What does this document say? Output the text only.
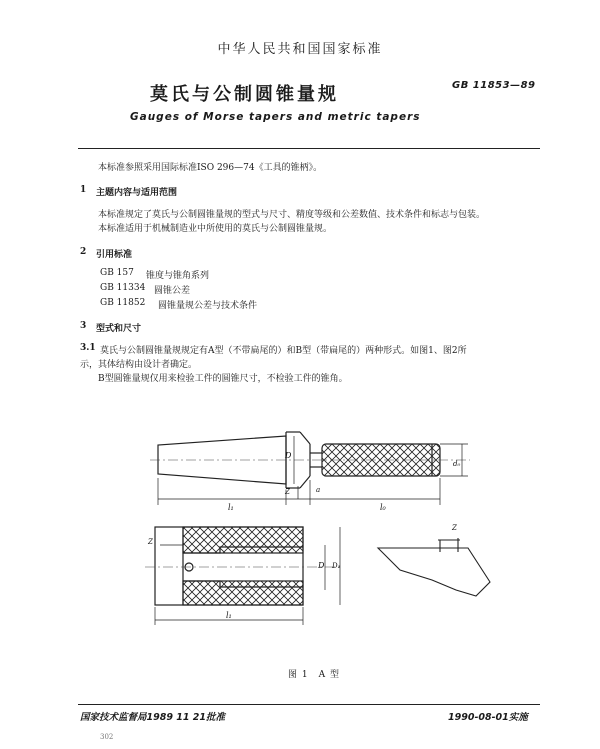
中华人民共和国国家标准
莫氏与公制圆锥量规	GB 11853—89
Gauges of Morse tapers and metric tapers
本标准参照采用国际标准ISO 296—74《工具的锥柄》。
1 主题内容与适用范围
本标准规定了莫氏与公制圆锥量规的型式与尺寸、精度等级和公差数值、技术条件和标志与包装。
本标准适用于机械制造业中所使用的莫氏与公制圆锥量规。
2 引用标准
GB 157 锥度与锥角系列
GB 11334 圆锥公差
GB 11852 圆锥量规公差与技术条件
3 型式和尺寸
3.1 莫氏与公制圆锥量规规定有A型（不带扁尾的）和B型（带扁尾的）两种形式。如图1、图2所
示，其体结构由设计者确定。
B型圆锥量规仅用来检验工件的圆锥尺寸，不检验工件的锥角。
D
d₀
Z	a
l₁	l₀
Z
D D₁
l₁
Z
图 1　A 型
国家技术监督局1989 11 21批准	1990-08-01实施
302
